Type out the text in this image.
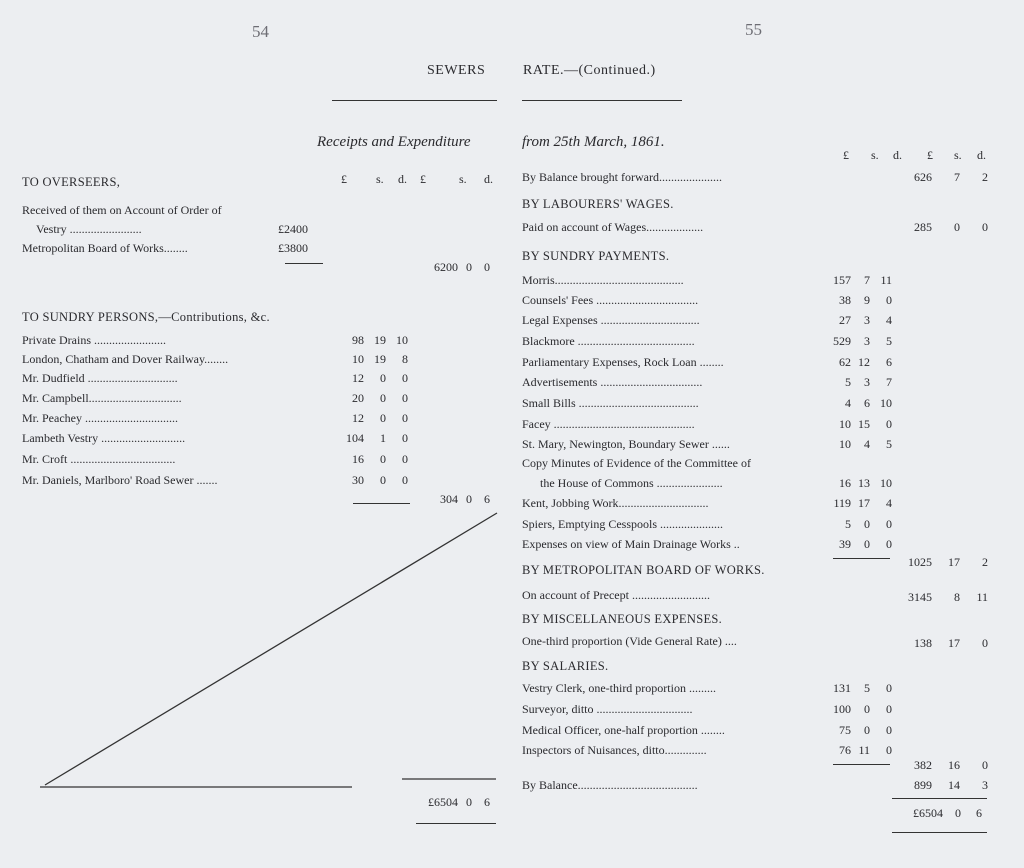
54	55
SEWERS	RATE.—(Continued.)
Receipts and Expenditure	from 25th March, 1861.
£ s. d. £	s. d.
TO OVERSEERS,
Received of them on Account of Order of
Vestry ........................	£2400
Metropolitan Board of Works........	£3800
6200 0	0
TO SUNDRY PERSONS,—Contributions, &c.
Private Drains ........................	98 19 10
London, Chatham and Dover Railway........	10 19	8
Mr. Dudfield ..............................	12	0	0
Mr. Campbell...............................	20	0	0
Mr. Peachey ...............................	12	0	0
Lambeth Vestry ............................	104	1	0
Mr. Croft ...................................	16	0	0
Mr. Daniels, Marlboro' Road Sewer .......	30	0	0
304 0	6
£6504 0	6
£ s. d. £ s. d.
By Balance brought forward.....................	626	7	2
BY LABOURERS' WAGES.
Paid on account of Wages...................	285	0	0
BY SUNDRY PAYMENTS.
Morris...........................................	157	7 11
Counsels' Fees ..................................	38	9	0
Legal Expenses .................................	27	3	4
Blackmore .......................................	529	3	5
Parliamentary Expenses, Rock Loan ........	62 12	6
Advertisements ..................................	5	3	7
Small Bills ........................................	4	6 10
Facey ...............................................	10 15	0
St. Mary, Newington, Boundary Sewer ......	10	4	5
Copy Minutes of Evidence of the Committee of
the House of Commons ......................	16 13 10
Kent, Jobbing Work..............................	119 17	4
Spiers, Emptying Cesspools .....................	5	0	0
Expenses on view of Main Drainage Works ..	39	0	0
1025	17	2
BY METROPOLITAN BOARD OF WORKS.
On account of Precept ..........................	3145	8	11
BY MISCELLANEOUS EXPENSES.
One-third proportion (Vide General Rate) ....	138	17	0
BY SALARIES.
Vestry Clerk, one-third proportion .........	131	5	0
Surveyor, ditto ................................	100	0	0
Medical Officer, one-half proportion ........	75	0	0
Inspectors of Nuisances, ditto..............	76 11	0
382	16	0
By Balance........................................	899	14	3
£6504	0	6
